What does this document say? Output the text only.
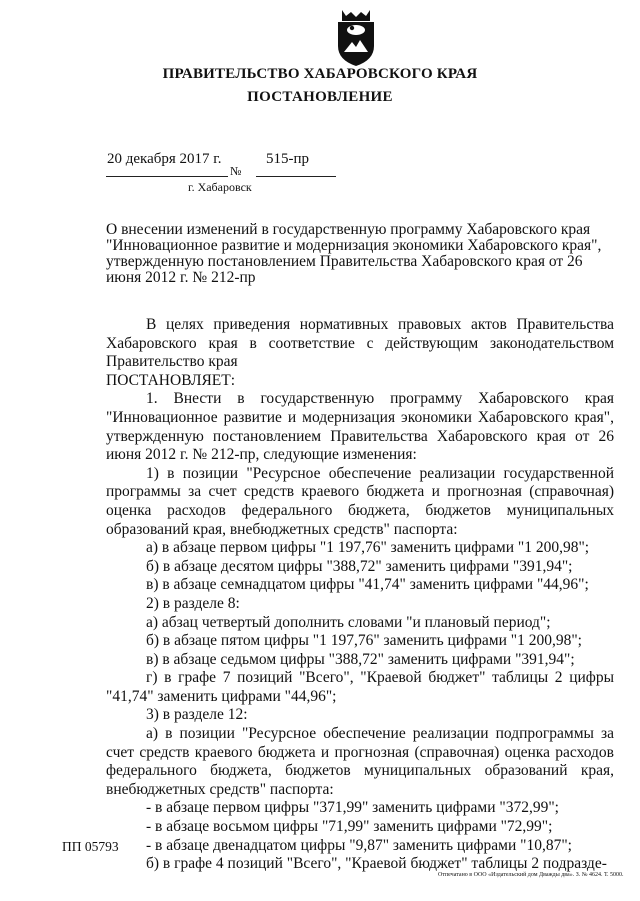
ПРАВИТЕЛЬСТВО ХАБАРОВСКОГО КРАЯ
ПОСТАНОВЛЕНИЕ
20 декабря 2017 г.	515-пр
№
г. Хабаровск
О внесении изменений в государственную программу Хабаровского края "Инновационное развитие и модернизация экономики Хабаровского края", утвержденную постановлением Правительства Хабаровского края от 26 июня 2012 г. № 212-пр

В целях приведения нормативных правовых актов Правительства Хабаровского края в соответствие с действующим законодательством Правительство края

ПОСТАНОВЛЯЕТ:

1. Внести в государственную программу Хабаровского края "Инновационное развитие и модернизация экономики Хабаровского края", утвержденную постановлением Правительства Хабаровского края от 26 июня 2012 г. № 212-пр, следующие изменения:

1) в позиции "Ресурсное обеспечение реализации государственной программы за счет средств краевого бюджета и прогнозная (справочная) оценка расходов федерального бюджета, бюджетов муниципальных образований края, внебюджетных средств" паспорта:

а) в абзаце первом цифры "1 197,76" заменить цифрами "1 200,98";

б) в абзаце десятом цифры "388,72" заменить цифрами "391,94";

в) в абзаце семнадцатом цифры "41,74" заменить цифрами "44,96";

2) в разделе 8:

а) абзац четвертый дополнить словами "и плановый период";

б) в абзаце пятом цифры "1 197,76" заменить цифрами "1 200,98";

в) в абзаце седьмом цифры "388,72" заменить цифрами "391,94";

г) в графе 7 позиций "Всего", "Краевой бюджет" таблицы 2 цифры "41,74" заменить цифрами "44,96";

3) в разделе 12:

а) в позиции "Ресурсное обеспечение реализации подпрограммы за счет средств краевого бюджета и прогнозная (справочная) оценка расходов федерального бюджета, бюджетов муниципальных образований края, внебюджетных средств" паспорта:

- в абзаце первом цифры "371,99" заменить цифрами "372,99";

- в абзаце восьмом цифры "71,99" заменить цифрами "72,99";

- в абзаце двенадцатом цифры "9,87" заменить цифрами "10,87";

б) в графе 4 позиций "Всего", "Краевой бюджет" таблицы 2 подразде-

ПП 05793
Отпечатано в ООО «Издательский дом Дважды два». З. № 4624. Т. 5000.
